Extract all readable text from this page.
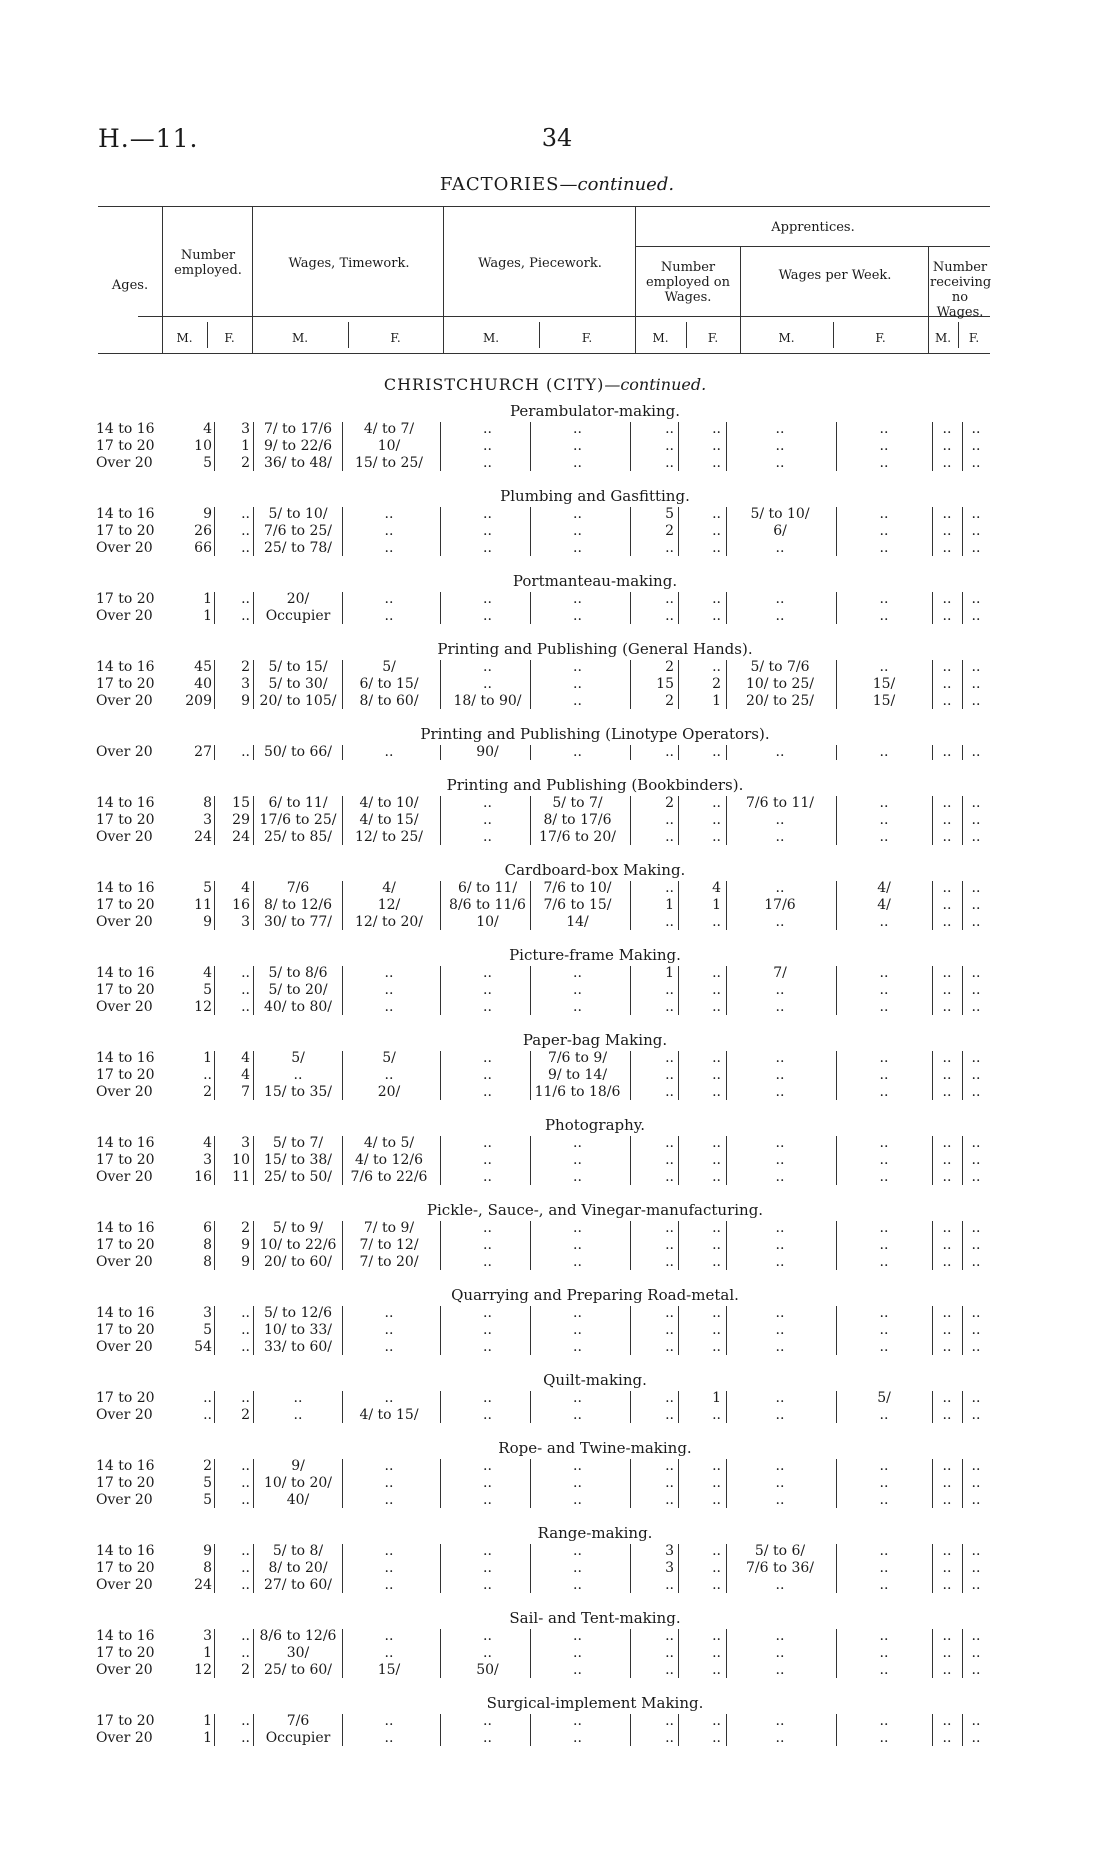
H.—11.	34
FACTORIES—continued.
Ages.
Number employed.	Wages, Timework.	Wages, Piecework.
Apprentices.
Number employed on Wages.
Wages per Week.
Number receiving no Wages.
M.	F.	M.	F.	M.	F.	M.	F.	M.	F.	M.	F.
CHRISTCHURCH (CITY)—continued.
Perambulator-making.
14 to 16	4	3 7/ to 17/6	4/ to 7/	..	..	..	..	..	..	..	..
17 to 20	10	1 9/ to 22/6	10/	..	..	..	..	..	..	..	..
Over 20	5	2 36/ to 48/	15/ to 25/	..	..	..	..	..	..	..	..
Plumbing and Gasfitting.
14 to 16	9	..	5/ to 10/	..	..	..	5	..	5/ to 10/	..	..	..
17 to 20	26	.. 7/6 to 25/	..	..	..	2	..	6/	..	..	..
Over 20	66	.. 25/ to 78/	..	..	..	..	..	..	..	..	..
Portmanteau-making.
17 to 20	1	..	20/	..	..	..	..	..	..	..	..	..
Over 20	1	..	Occupier	..	..	..	..	..	..	..	..	..
Printing and Publishing (General Hands).
14 to 16	45	2	5/ to 15/	5/	..	..	2	..	5/ to 7/6	..	..	..
17 to 20	40	3	5/ to 30/	6/ to 15/	..	..	15	2	10/ to 25/	15/	..	..
Over 20	209	9 20/ to 105/	8/ to 60/	18/ to 90/	..	2	1	20/ to 25/	15/	..	..
Printing and Publishing (Linotype Operators).
Over 20	27	.. 50/ to 66/	..	90/	..	..	..	..	..	..	..
Printing and Publishing (Bookbinders).
14 to 16	8	15	6/ to 11/	4/ to 10/	..	5/ to 7/	2	..	7/6 to 11/	..	..	..
17 to 20	3	29 17/6 to 25/	4/ to 15/	..	8/ to 17/6	..	..	..	..	..	..
Over 20	24	24 25/ to 85/	12/ to 25/	..	17/6 to 20/	..	..	..	..	..	..
Cardboard-box Making.
14 to 16	5	4	7/6	4/	6/ to 11/	7/6 to 10/	..	4	..	4/	..	..
17 to 20	11	16 8/ to 12/6	12/	8/6 to 11/6	7/6 to 15/	1	1	17/6	4/	..	..
Over 20	9	3 30/ to 77/	12/ to 20/	10/	14/	..	..	..	..	..	..
Picture-frame Making.
14 to 16	4	..	5/ to 8/6	..	..	..	1	..	7/	..	..	..
17 to 20	5	..	5/ to 20/	..	..	..	..	..	..	..	..	..
Over 20	12	.. 40/ to 80/	..	..	..	..	..	..	..	..	..
Paper-bag Making.
14 to 16	1	4	5/	5/	..	7/6 to 9/	..	..	..	..	..	..
17 to 20	..	4	..	..	..	9/ to 14/	..	..	..	..	..	..
Over 20	2	7 15/ to 35/	20/	..	11/6 to 18/6	..	..	..	..	..	..
Photography.
14 to 16	4	3	5/ to 7/	4/ to 5/	..	..	..	..	..	..	..	..
17 to 20	3	10 15/ to 38/	4/ to 12/6	..	..	..	..	..	..	..	..
Over 20	16	11 25/ to 50/	7/6 to 22/6	..	..	..	..	..	..	..	..
Pickle-, Sauce-, and Vinegar-manufacturing.
14 to 16	6	2	5/ to 9/	7/ to 9/	..	..	..	..	..	..	..	..
17 to 20	8	9 10/ to 22/6	7/ to 12/	..	..	..	..	..	..	..	..
Over 20	8	9 20/ to 60/	7/ to 20/	..	..	..	..	..	..	..	..
Quarrying and Preparing Road-metal.
14 to 16	3	.. 5/ to 12/6	..	..	..	..	..	..	..	..	..
17 to 20	5	.. 10/ to 33/	..	..	..	..	..	..	..	..	..
Over 20	54	.. 33/ to 60/	..	..	..	..	..	..	..	..	..
Quilt-making.
17 to 20	..	..	..	..	..	..	..	1	..	5/	..	..
Over 20	..	2	..	4/ to 15/	..	..	..	..	..	..	..	..
Rope- and Twine-making.
14 to 16	2	..	9/	..	..	..	..	..	..	..	..	..
17 to 20	5	.. 10/ to 20/	..	..	..	..	..	..	..	..	..
Over 20	5	..	40/	..	..	..	..	..	..	..	..	..
Range-making.
14 to 16	9	..	5/ to 8/	..	..	..	3	..	5/ to 6/	..	..	..
17 to 20	8	..	8/ to 20/	..	..	..	3	..	7/6 to 36/	..	..	..
Over 20	24	.. 27/ to 60/	..	..	..	..	..	..	..	..	..
Sail- and Tent-making.
14 to 16	3	.. 8/6 to 12/6	..	..	..	..	..	..	..	..	..
17 to 20	1	..	30/	..	..	..	..	..	..	..	..	..
Over 20	12	2 25/ to 60/	15/	50/	..	..	..	..	..	..	..
Surgical-implement Making.
17 to 20	1	..	7/6	..	..	..	..	..	..	..	..	..
Over 20	1	..	Occupier	..	..	..	..	..	..	..	..	..
